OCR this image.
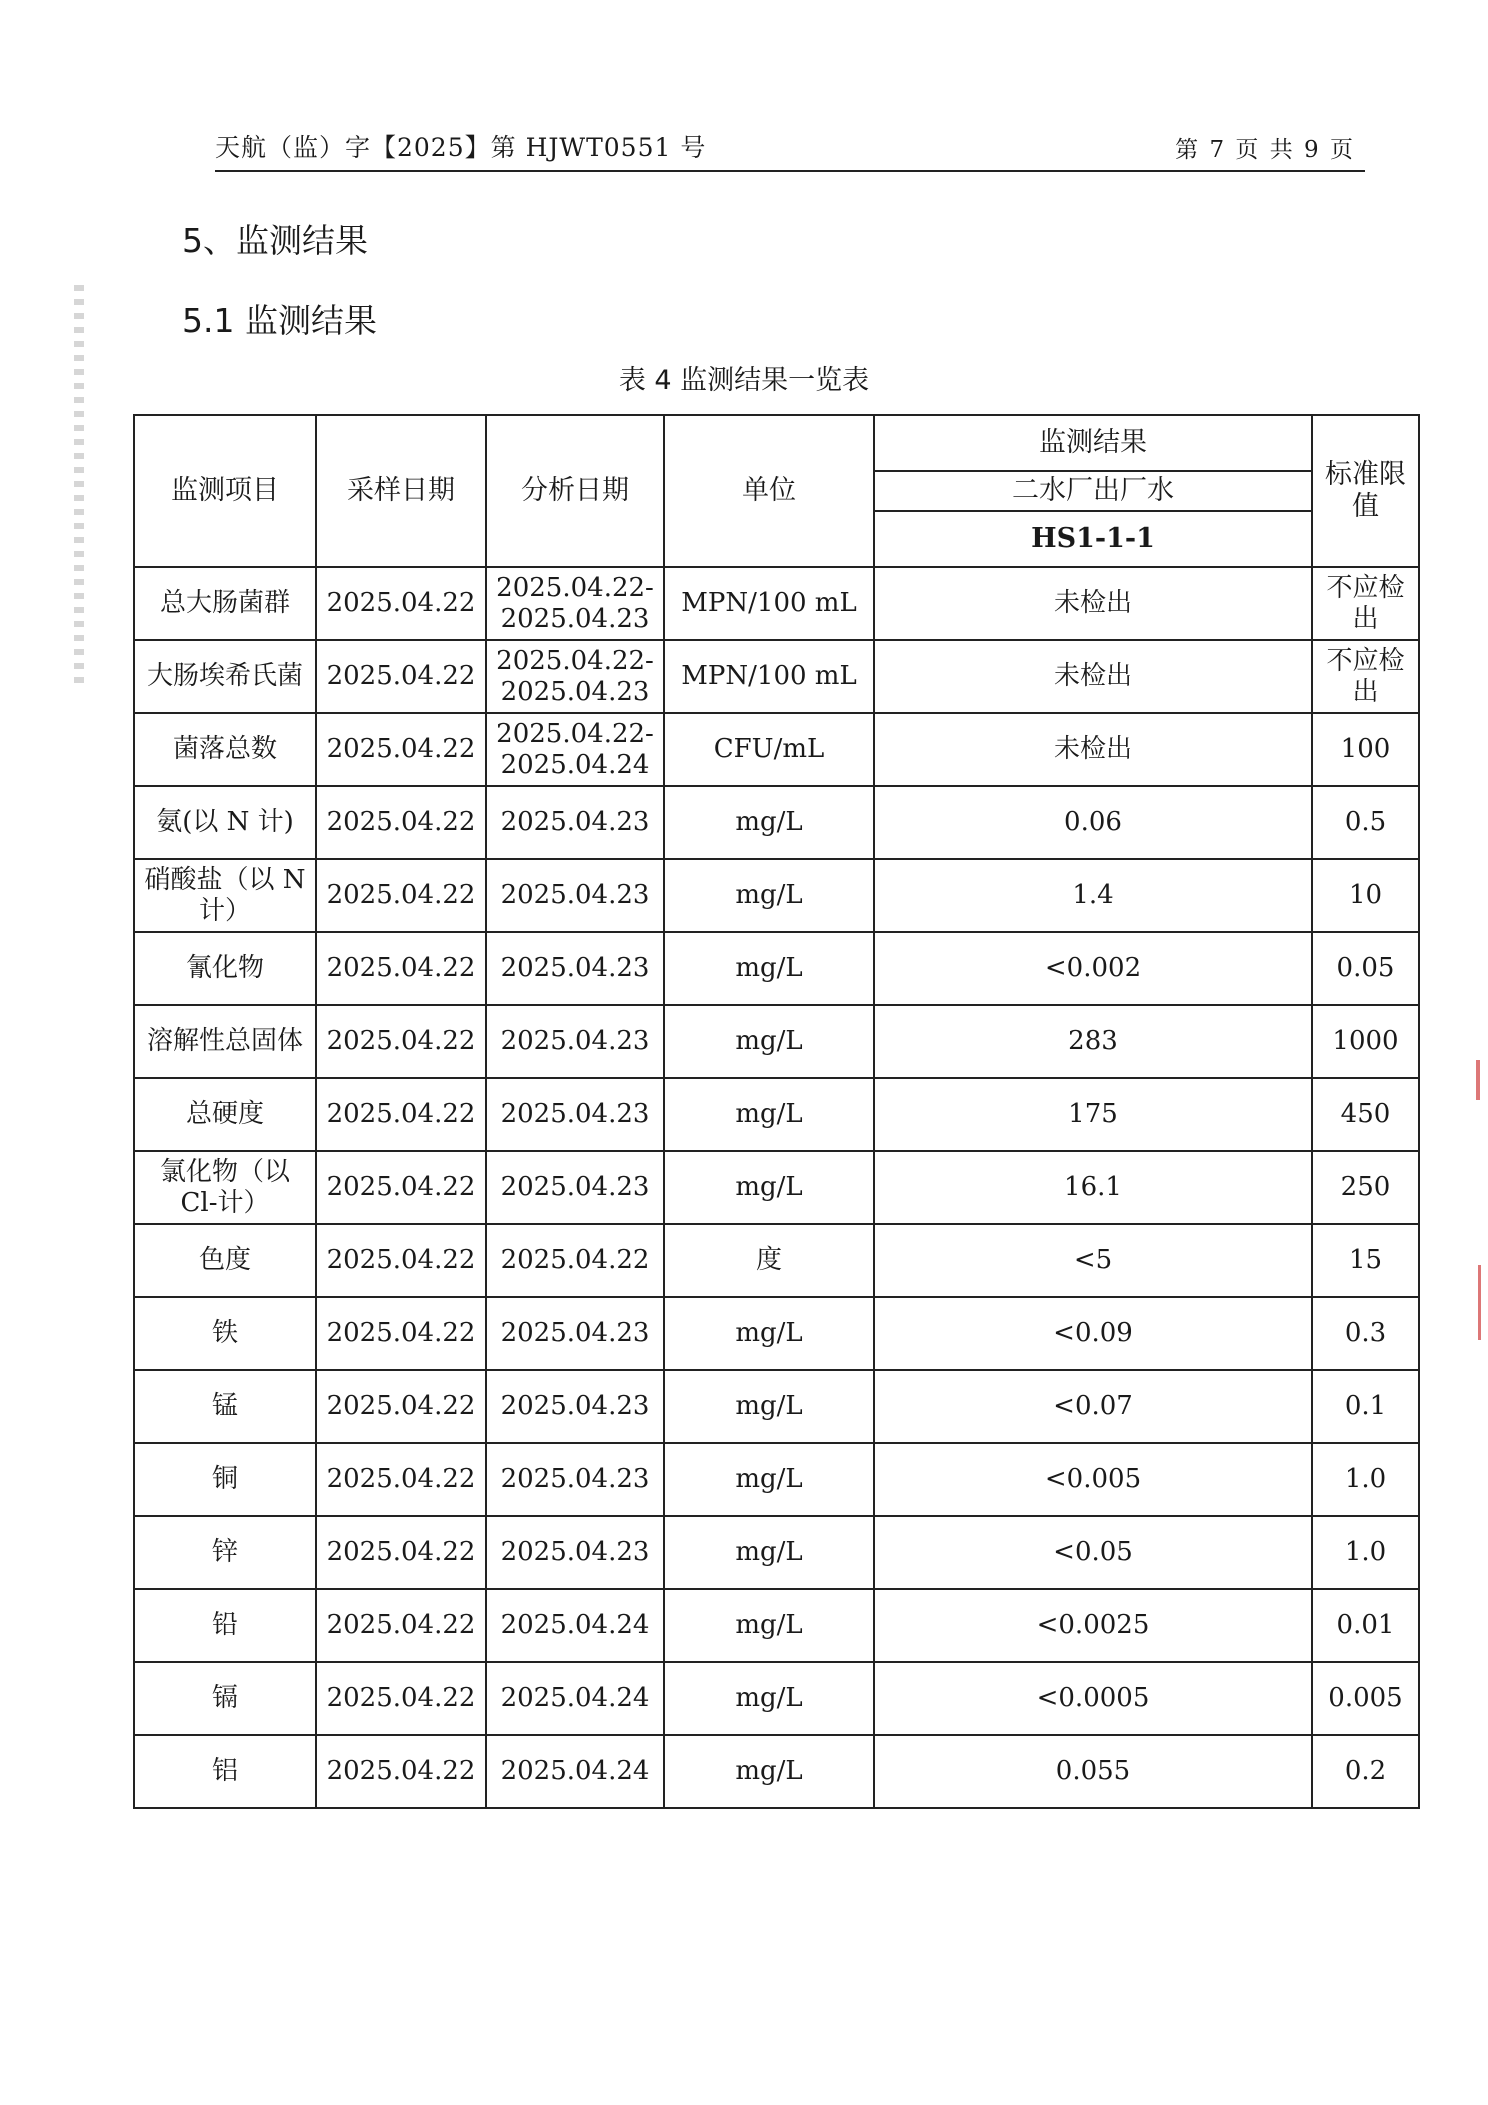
天航（监）字【2025】第 HJWT0551 号	第 7 页 共 9 页
5、监测结果
5.1 监测结果
表 4 监测结果一览表
监测项目	采样日期	分析日期	单位	监测结果	标准限值
				二水厂出厂水	
				HS1-1-1	
总大肠菌群	2025.04.22	2025.04.22-2025.04.23	MPN/100 mL	未检出	不应检出
大肠埃希氏菌	2025.04.22	2025.04.22-2025.04.23	MPN/100 mL	未检出	不应检出
菌落总数	2025.04.22	2025.04.22-2025.04.24	CFU/mL	未检出	100
氨(以 N 计)	2025.04.22	2025.04.23	mg/L	0.06	0.5
硝酸盐（以 N 计）	2025.04.22	2025.04.23	mg/L	1.4	10
氰化物	2025.04.22	2025.04.23	mg/L	<0.002	0.05
溶解性总固体	2025.04.22	2025.04.23	mg/L	283	1000
总硬度	2025.04.22	2025.04.23	mg/L	175	450
氯化物（以 Cl-计）	2025.04.22	2025.04.23	mg/L	16.1	250
色度	2025.04.22	2025.04.22	度	<5	15
铁	2025.04.22	2025.04.23	mg/L	<0.09	0.3
锰	2025.04.22	2025.04.23	mg/L	<0.07	0.1
铜	2025.04.22	2025.04.23	mg/L	<0.005	1.0
锌	2025.04.22	2025.04.23	mg/L	<0.05	1.0
铅	2025.04.22	2025.04.24	mg/L	<0.0025	0.01
镉	2025.04.22	2025.04.24	mg/L	<0.0005	0.005
铝	2025.04.22	2025.04.24	mg/L	0.055	0.2
